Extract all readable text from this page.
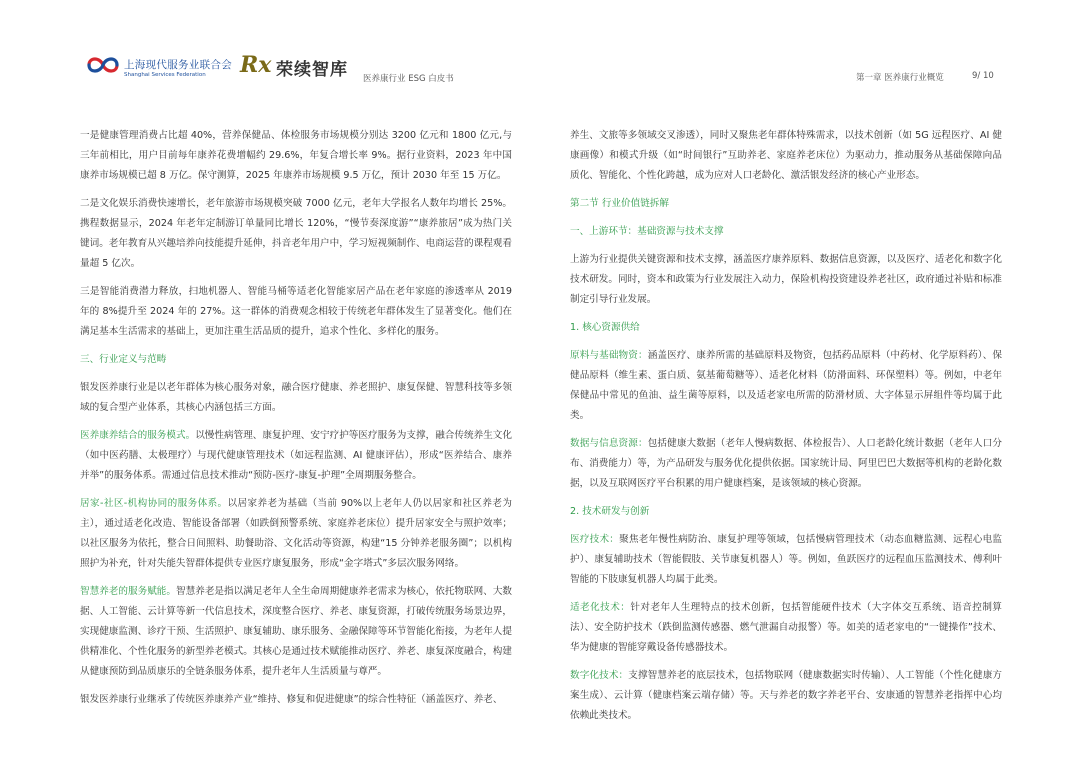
上海现代服务业联合会
Shanghai Services Federation Rx 荣续智库 医养康行业 ESG 白皮书	第一章 医养康行业概览	9/ 10

一是健康管理消费占比超 40%，营养保健品、体检服务市场规模分别达 3200 亿元和 1800 亿元,与三年前相比，用户目前每年康养花费增幅约 29.6%，年复合增长率 9%。据行业资料，2023 年中国康养市场规模已超 8 万亿。保守测算，2025 年康养市场规模 9.5 万亿，预计 2030 年至 15 万亿。

二是文化娱乐消费快速增长，老年旅游市场规模突破 7000 亿元，老年大学报名人数年均增长 25%。携程数据显示，2024 年老年定制游订单量同比增长 120%，“慢节奏深度游”“康养旅居”成为热门关键词。老年教育从兴趣培养向技能提升延伸，抖音老年用户中，学习短视频制作、电商运营的课程观看量超 5 亿次。

三是智能消费潜力释放，扫地机器人、智能马桶等适老化智能家居产品在老年家庭的渗透率从 2019 年的 8%提升至 2024 年的 27%。这一群体的消费观念相较于传统老年群体发生了显著变化。他们在满足基本生活需求的基础上，更加注重生活品质的提升，追求个性化、多样化的服务。

三、行业定义与范畴

银发医养康行业是以老年群体为核心服务对象，融合医疗健康、养老照护、康复保健、智慧科技等多领域的复合型产业体系，其核心内涵包括三方面。

医养康养结合的服务模式。以慢性病管理、康复护理、安宁疗护等医疗服务为支撑，融合传统养生文化（如中医药膳、太极理疗）与现代健康管理技术（如远程监测、AI 健康评估），形成“医养结合、康养并举”的服务体系。需通过信息技术推动“预防-医疗-康复-护理”全周期服务整合。

居家-社区-机构协同的服务体系。以居家养老为基础（当前 90%以上老年人仍以居家和社区养老为主），通过适老化改造、智能设备部署（如跌倒预警系统、家庭养老床位）提升居家安全与照护效率；以社区服务为依托，整合日间照料、助餐助浴、文化活动等资源，构建“15 分钟养老服务圈”；以机构照护为补充，针对失能失智群体提供专业医疗康复服务，形成“金字塔式”多层次服务网络。

智慧养老的服务赋能。智慧养老是指以满足老年人全生命周期健康养老需求为核心，依托物联网、大数据、人工智能、云计算等新一代信息技术，深度整合医疗、养老、康复资源，打破传统服务场景边界，实现健康监测、诊疗干预、生活照护、康复辅助、康乐服务、金融保障等环节智能化衔接，为老年人提供精准化、个性化服务的新型养老模式。其核心是通过技术赋能推动医疗、养老、康复深度融合，构建从健康预防到品质康乐的全链条服务体系，提升老年人生活质量与尊严。

银发医养康行业继承了传统医养康养产业“维持、修复和促进健康”的综合性特征（涵盖医疗、养老、

养生、文旅等多领域交叉渗透），同时又聚焦老年群体特殊需求，以技术创新（如 5G 远程医疗、AI 健康画像）和模式升级（如“时间银行”互助养老、家庭养老床位）为驱动力，推动服务从基础保障向品质化、智能化、个性化跨越，成为应对人口老龄化、激活银发经济的核心产业形态。

第二节 行业价值链拆解

一、上游环节：基础资源与技术支撑

上游为行业提供关键资源和技术支撑，涵盖医疗康养原料、数据信息资源，以及医疗、适老化和数字化技术研发。同时，资本和政策为行业发展注入动力，保险机构投资建设养老社区，政府通过补贴和标准制定引导行业发展。

1. 核心资源供给

原料与基础物资：涵盖医疗、康养所需的基础原料及物资，包括药品原料（中药材、化学原料药）、保健品原料（维生素、蛋白质、氨基葡萄糖等）、适老化材料（防滑面料、环保塑料）等。例如，中老年保健品中常见的鱼油、益生菌等原料，以及适老家电所需的防滑材质、大字体显示屏组件等均属于此类。

数据与信息资源：包括健康大数据（老年人慢病数据、体检报告）、人口老龄化统计数据（老年人口分布、消费能力）等，为产品研发与服务优化提供依据。国家统计局、阿里巴巴大数据等机构的老龄化数据，以及互联网医疗平台积累的用户健康档案，是该领域的核心资源。

2. 技术研发与创新

医疗技术：聚焦老年慢性病防治、康复护理等领域，包括慢病管理技术（动态血糖监测、远程心电监护）、康复辅助技术（智能假肢、关节康复机器人）等。例如，鱼跃医疗的远程血压监测技术、傅利叶智能的下肢康复机器人均属于此类。

适老化技术：针对老年人生理特点的技术创新，包括智能硬件技术（大字体交互系统、语音控制算法）、安全防护技术（跌倒监测传感器、燃气泄漏自动报警）等。如美的适老家电的“一键操作”技术、华为健康的智能穿戴设备传感器技术。

数字化技术：支撑智慧养老的底层技术，包括物联网（健康数据实时传输）、人工智能（个性化健康方案生成）、云计算（健康档案云端存储）等。天与养老的数字养老平台、安康通的智慧养老指挥中心均依赖此类技术。
